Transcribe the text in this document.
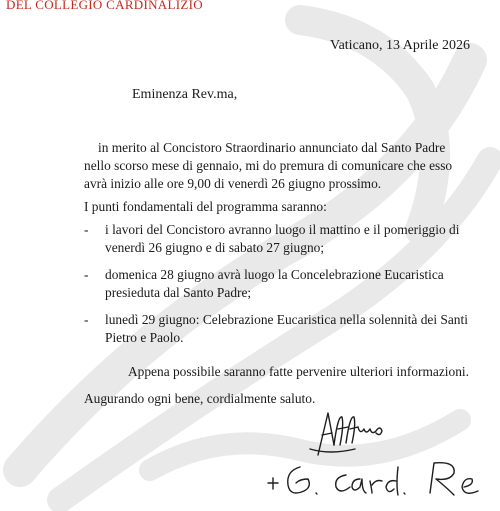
DEL COLLEGIO CARDINALIZIO
Vaticano, 13 Aprile 2026
Eminenza Rev.ma,
in merito al Concistoro Straordinario annunciato dal Santo Padre nello scorso mese di gennaio, mi do premura di comunicare che esso avrà inizio alle ore 9,00 di venerdì 26 giugno prossimo.
I punti fondamentali del programma saranno:
- i lavori del Concistoro avranno luogo il mattino e il pomeriggio di venerdì 26 giugno e di sabato 27 giugno;
- domenica 28 giugno avrà luogo la Concelebrazione Eucaristica presieduta dal Santo Padre;
- lunedì 29 giugno: Celebrazione Eucaristica nella solennità dei Santi Pietro e Paolo.
Appena possibile saranno fatte pervenire ulteriori informazioni.
Augurando ogni bene, cordialmente saluto.
